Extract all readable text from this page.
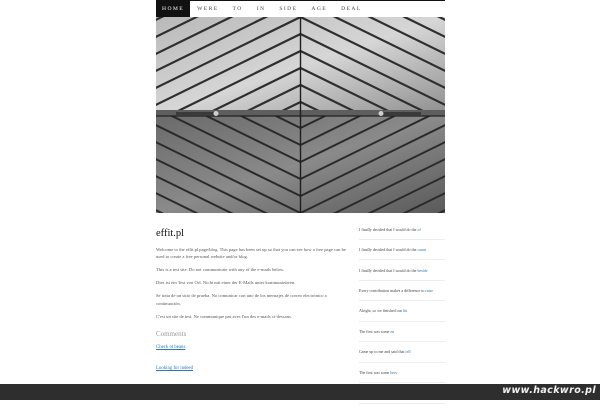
HOME	WERE	TO	IN	SIDE	AGE	DEAL
effit.pl

Welcome to the effit.pl page/blog. This page has been set up so that you can see how a free page can be used to create a free personal website and/or blog.

This is a test site. Do not communicate with any of the e-mails below.

Dies ist ein Test von Orl. Nicht mit einer der E-Mails unter kommunizieren.

Se trata de un sitio de prueba. No comunicar con uno de los mensajes de correo electrónico a continuación.

C'est un site de test. Ne communique pas avec l'un des e-mails ci-dessous.

Comments
Check ot beans
Looking for indeed
I finally decided that I would do the of
I finally decided that I would do the cause
I finally decided that I would do the beside
Every contribution makes a difference to raise
Alright, so we finished our hit
The first was some en
Came up to me and said that tell
The first was some hers
www.hackwro.pl
